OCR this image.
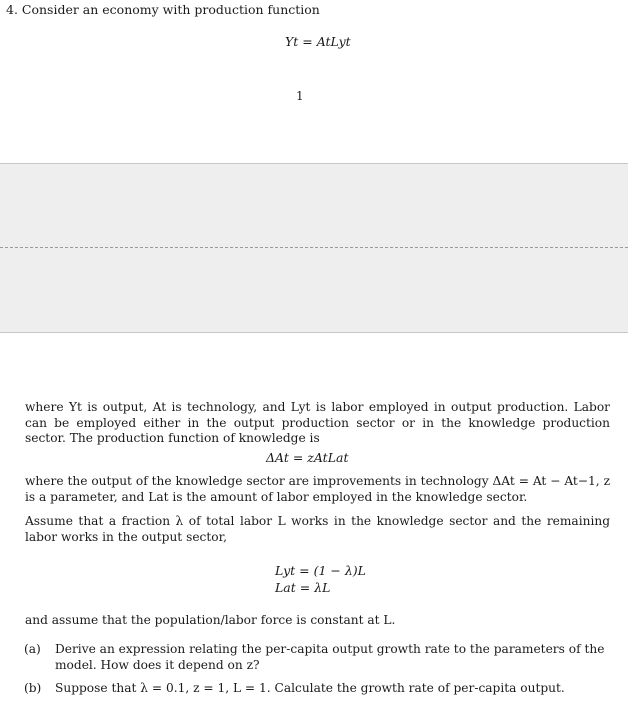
4. Consider an economy with production function
Yt = AtLyt
1
where Yt is output, At is technology, and Lyt is labor employed in output production. Labor can be employed either in the output production sector or in the knowledge production sector. The production function of knowledge is
ΔAt = zAtLat
where the output of the knowledge sector are improvements in technology ΔAt = At − At−1, z is a parameter, and Lat is the amount of labor employed in the knowledge sector.
Assume that a fraction λ of total labor L works in the knowledge sector and the remaining labor works in the output sector,
Lyt = (1 − λ)L
Lat = λL
and assume that the population/labor force is constant at L.
(a) Derive an expression relating the per-capita output growth rate to the parameters of the model. How does it depend on z?
(b) Suppose that λ = 0.1, z = 1, L = 1. Calculate the growth rate of per-capita output.
